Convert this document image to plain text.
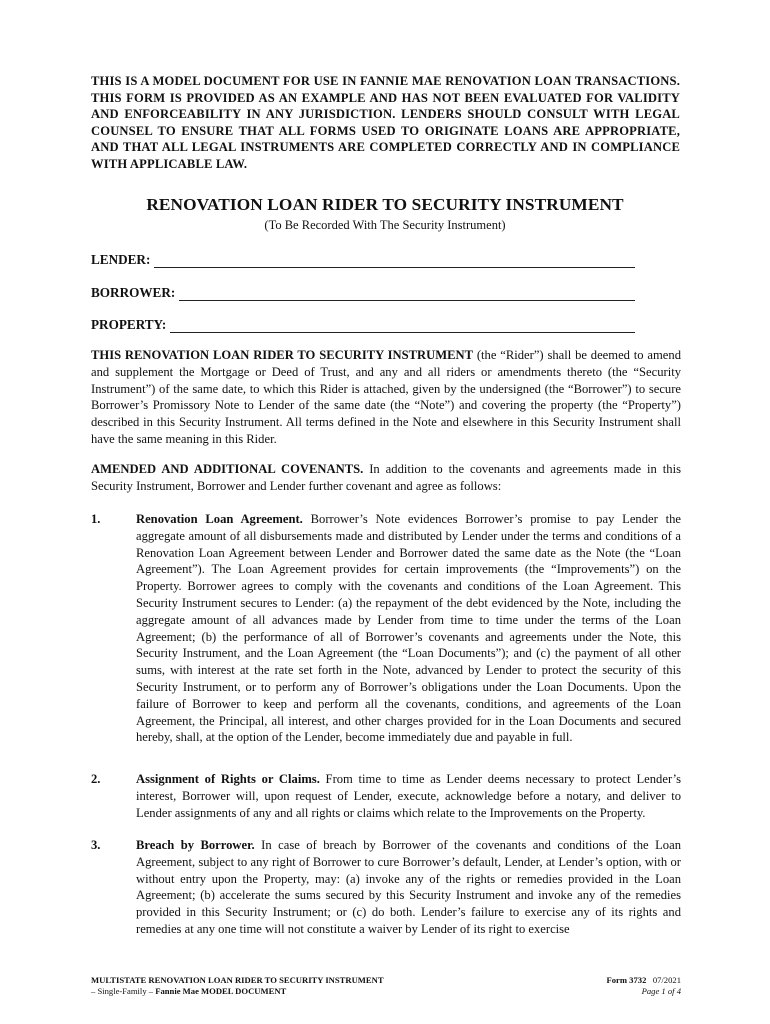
THIS IS A MODEL DOCUMENT FOR USE IN FANNIE MAE RENOVATION LOAN TRANSACTIONS. THIS FORM IS PROVIDED AS AN EXAMPLE AND HAS NOT BEEN EVALUATED FOR VALIDITY AND ENFORCEABILITY IN ANY JURISDICTION. LENDERS SHOULD CONSULT WITH LEGAL COUNSEL TO ENSURE THAT ALL FORMS USED TO ORIGINATE LOANS ARE APPROPRIATE, AND THAT ALL LEGAL INSTRUMENTS ARE COMPLETED CORRECTLY AND IN COMPLIANCE WITH APPLICABLE LAW.
RENOVATION LOAN RIDER TO SECURITY INSTRUMENT
(To Be Recorded With The Security Instrument)
LENDER:
BORROWER:
PROPERTY:
THIS RENOVATION LOAN RIDER TO SECURITY INSTRUMENT (the “Rider”) shall be deemed to amend and supplement the Mortgage or Deed of Trust, and any and all riders or amendments thereto (the “Security Instrument”) of the same date, to which this Rider is attached, given by the undersigned (the “Borrower”) to secure Borrower’s Promissory Note to Lender of the same date (the “Note”) and covering the property (the “Property”) described in this Security Instrument. All terms defined in the Note and elsewhere in this Security Instrument shall have the same meaning in this Rider.
AMENDED AND ADDITIONAL COVENANTS. In addition to the covenants and agreements made in this Security Instrument, Borrower and Lender further covenant and agree as follows:
1.	Renovation Loan Agreement. Borrower’s Note evidences Borrower’s promise to pay Lender the aggregate amount of all disbursements made and distributed by Lender under the terms and conditions of a Renovation Loan Agreement between Lender and Borrower dated the same date as the Note (the “Loan Agreement”). The Loan Agreement provides for certain improvements (the “Improvements”) on the Property. Borrower agrees to comply with the covenants and conditions of the Loan Agreement. This Security Instrument secures to Lender: (a) the repayment of the debt evidenced by the Note, including the aggregate amount of all advances made by Lender from time to time under the terms of the Loan Agreement; (b) the performance of all of Borrower’s covenants and agreements under the Note, this Security Instrument, and the Loan Agreement (the “Loan Documents”); and (c) the payment of all other sums, with interest at the rate set forth in the Note, advanced by Lender to protect the security of this Security Instrument, or to perform any of Borrower’s obligations under the Loan Documents. Upon the failure of Borrower to keep and perform all the covenants, conditions, and agreements of the Loan Agreement, the Principal, all interest, and other charges provided for in the Loan Documents and secured hereby, shall, at the option of the Lender, become immediately due and payable in full.
2.	Assignment of Rights or Claims. From time to time as Lender deems necessary to protect Lender’s interest, Borrower will, upon request of Lender, execute, acknowledge before a notary, and deliver to Lender assignments of any and all rights or claims which relate to the Improvements on the Property.
3.	Breach by Borrower. In case of breach by Borrower of the covenants and conditions of the Loan Agreement, subject to any right of Borrower to cure Borrower’s default, Lender, at Lender’s option, with or without entry upon the Property, may: (a) invoke any of the rights or remedies provided in the Loan Agreement; (b) accelerate the sums secured by this Security Instrument and invoke any of the remedies provided in this Security Instrument; or (c) do both. Lender’s failure to exercise any of its rights and remedies at any one time will not constitute a waiver by Lender of its right to exercise
MULTISTATE RENOVATION LOAN RIDER TO SECURITY INSTRUMENT
– Single-Family – Fannie Mae MODEL DOCUMENT
Form 3732 07/2021
Page 1 of 4
